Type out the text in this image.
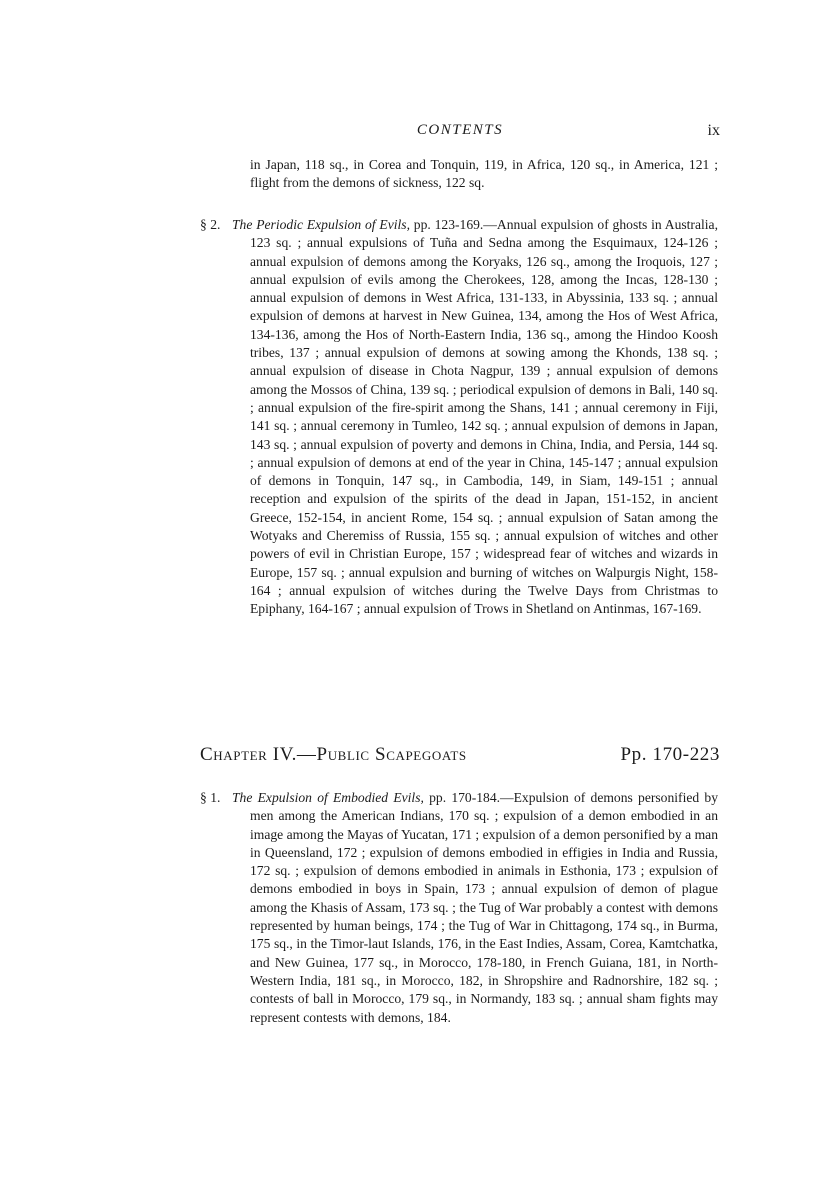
CONTENTS	ix
in Japan, 118 sq., in Corea and Tonquin, 119, in Africa, 120 sq., in America, 121 ; flight from the demons of sickness, 122 sq.

§ 2. The Periodic Expulsion of Evils, pp. 123-169.—Annual expulsion of ghosts in Australia, 123 sq. ; annual expulsions of Tuña and Sedna among the Esquimaux, 124-126 ; annual expulsion of demons among the Koryaks, 126 sq., among the Iroquois, 127 ; annual expulsion of evils among the Cherokees, 128, among the Incas, 128-130 ; annual expulsion of demons in West Africa, 131-133, in Abyssinia, 133 sq. ; annual expulsion of demons at harvest in New Guinea, 134, among the Hos of West Africa, 134-136, among the Hos of North-Eastern India, 136 sq., among the Hindoo Koosh tribes, 137 ; annual expulsion of demons at sowing among the Khonds, 138 sq. ; annual expulsion of disease in Chota Nagpur, 139 ; annual expulsion of demons among the Mossos of China, 139 sq. ; periodical expulsion of demons in Bali, 140 sq. ; annual expulsion of the fire-spirit among the Shans, 141 ; annual ceremony in Fiji, 141 sq. ; annual ceremony in Tumleo, 142 sq. ; annual expulsion of demons in Japan, 143 sq. ; annual expulsion of poverty and demons in China, India, and Persia, 144 sq. ; annual expulsion of demons at end of the year in China, 145-147 ; annual expulsion of demons in Tonquin, 147 sq., in Cambodia, 149, in Siam, 149-151 ; annual reception and expulsion of the spirits of the dead in Japan, 151-152, in ancient Greece, 152-154, in ancient Rome, 154 sq. ; annual expulsion of Satan among the Wotyaks and Cheremiss of Russia, 155 sq. ; annual expulsion of witches and other powers of evil in Christian Europe, 157 ; widespread fear of witches and wizards in Europe, 157 sq. ; annual expulsion and burning of witches on Walpurgis Night, 158-164 ; annual expulsion of witches during the Twelve Days from Christmas to Epiphany, 164-167 ; annual expulsion of Trows in Shetland on Antinmas, 167-169.

Chapter IV.—Public Scapegoats	Pp. 170-223

§ 1. The Expulsion of Embodied Evils, pp. 170-184.—Expulsion of demons personified by men among the American Indians, 170 sq. ; expulsion of a demon embodied in an image among the Mayas of Yucatan, 171 ; expulsion of a demon personified by a man in Queensland, 172 ; expulsion of demons embodied in effigies in India and Russia, 172 sq. ; expulsion of demons embodied in animals in Esthonia, 173 ; expulsion of demons embodied in boys in Spain, 173 ; annual expulsion of demon of plague among the Khasis of Assam, 173 sq. ; the Tug of War probably a contest with demons represented by human beings, 174 ; the Tug of War in Chittagong, 174 sq., in Burma, 175 sq., in the Timor-laut Islands, 176, in the East Indies, Assam, Corea, Kamtchatka, and New Guinea, 177 sq., in Morocco, 178-180, in French Guiana, 181, in North-Western India, 181 sq., in Morocco, 182, in Shropshire and Radnorshire, 182 sq. ; contests of ball in Morocco, 179 sq., in Normandy, 183 sq. ; annual sham fights may represent contests with demons, 184.
